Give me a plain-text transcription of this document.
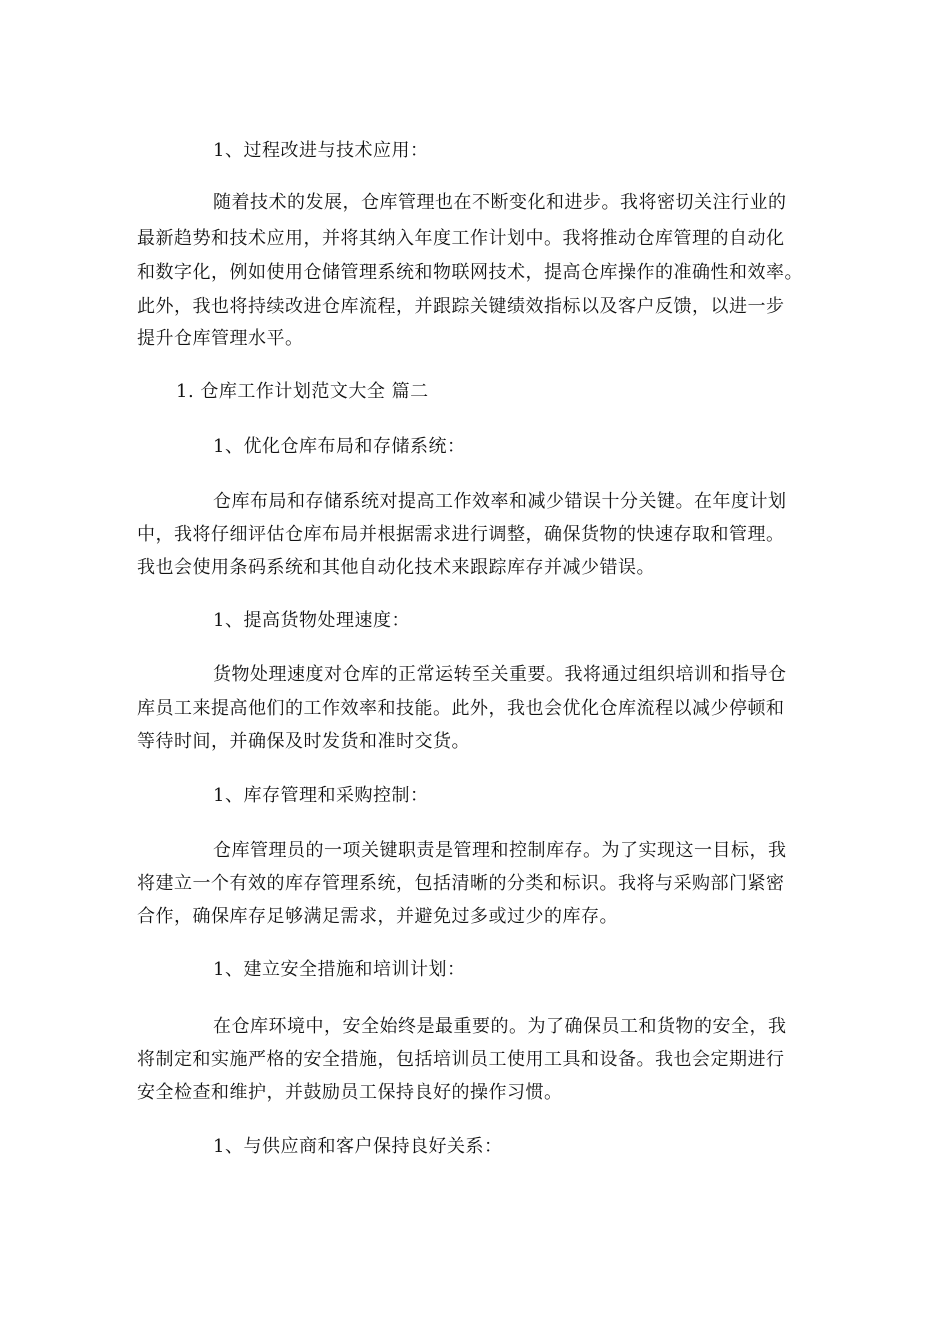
1、过程改进与技术应用：
随着技术的发展，仓库管理也在不断变化和进步。我将密切关注行业的
最新趋势和技术应用，并将其纳入年度工作计划中。我将推动仓库管理的自动化
和数字化，例如使用仓储管理系统和物联网技术，提高仓库操作的准确性和效率。
此外，我也将持续改进仓库流程，并跟踪关键绩效指标以及客户反馈，以进一步
提升仓库管理水平。
1. 仓库工作计划范文大全 篇二
1、优化仓库布局和存储系统：
仓库布局和存储系统对提高工作效率和减少错误十分关键。在年度计划
中，我将仔细评估仓库布局并根据需求进行调整，确保货物的快速存取和管理。
我也会使用条码系统和其他自动化技术来跟踪库存并减少错误。
1、提高货物处理速度：
货物处理速度对仓库的正常运转至关重要。我将通过组织培训和指导仓
库员工来提高他们的工作效率和技能。此外，我也会优化仓库流程以减少停顿和
等待时间，并确保及时发货和准时交货。
1、库存管理和采购控制：
仓库管理员的一项关键职责是管理和控制库存。为了实现这一目标，我
将建立一个有效的库存管理系统，包括清晰的分类和标识。我将与采购部门紧密
合作，确保库存足够满足需求，并避免过多或过少的库存。
1、建立安全措施和培训计划：
在仓库环境中，安全始终是最重要的。为了确保员工和货物的安全，我
将制定和实施严格的安全措施，包括培训员工使用工具和设备。我也会定期进行
安全检查和维护，并鼓励员工保持良好的操作习惯。
1、与供应商和客户保持良好关系：
